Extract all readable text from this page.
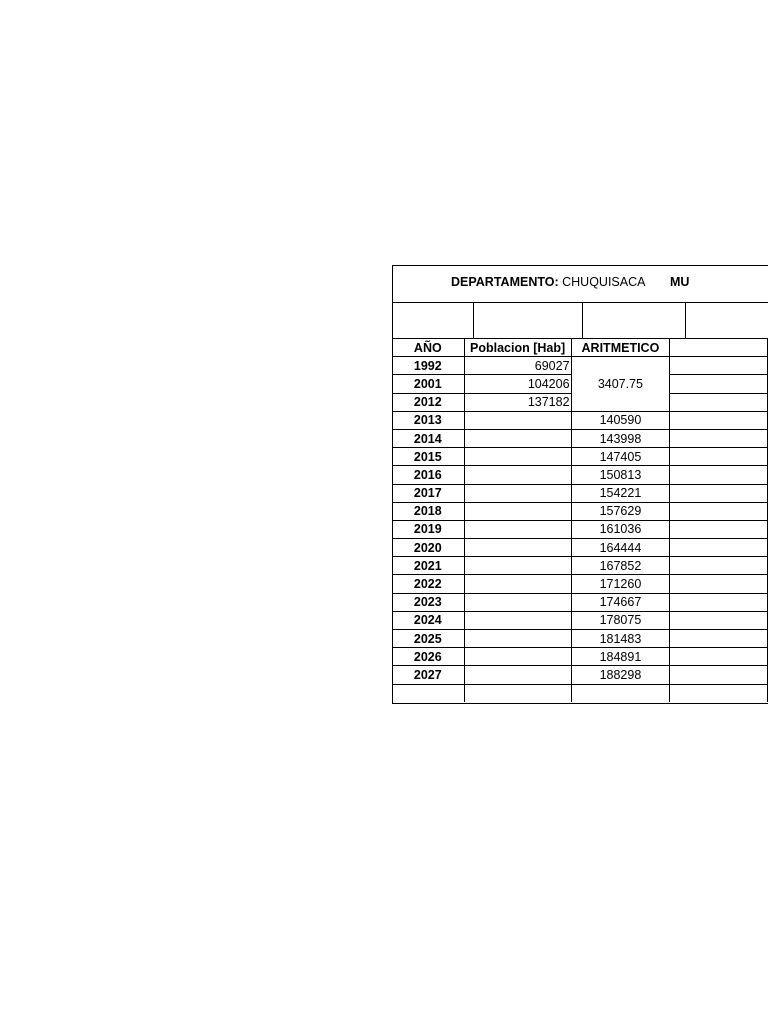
DEPARTAMENTO: CHUQUISACA MU
AÑO	Poblacion [Hab]	ARITMETICO	
1992	69027	3407.75	
2001	104206		
2012	137182		
2013		140590	
2014		143998	
2015		147405	
2016		150813	
2017		154221	
2018		157629	
2019		161036	
2020		164444	
2021		167852	
2022		171260	
2023		174667	
2024		178075	
2025		181483	
2026		184891	
2027		188298	
